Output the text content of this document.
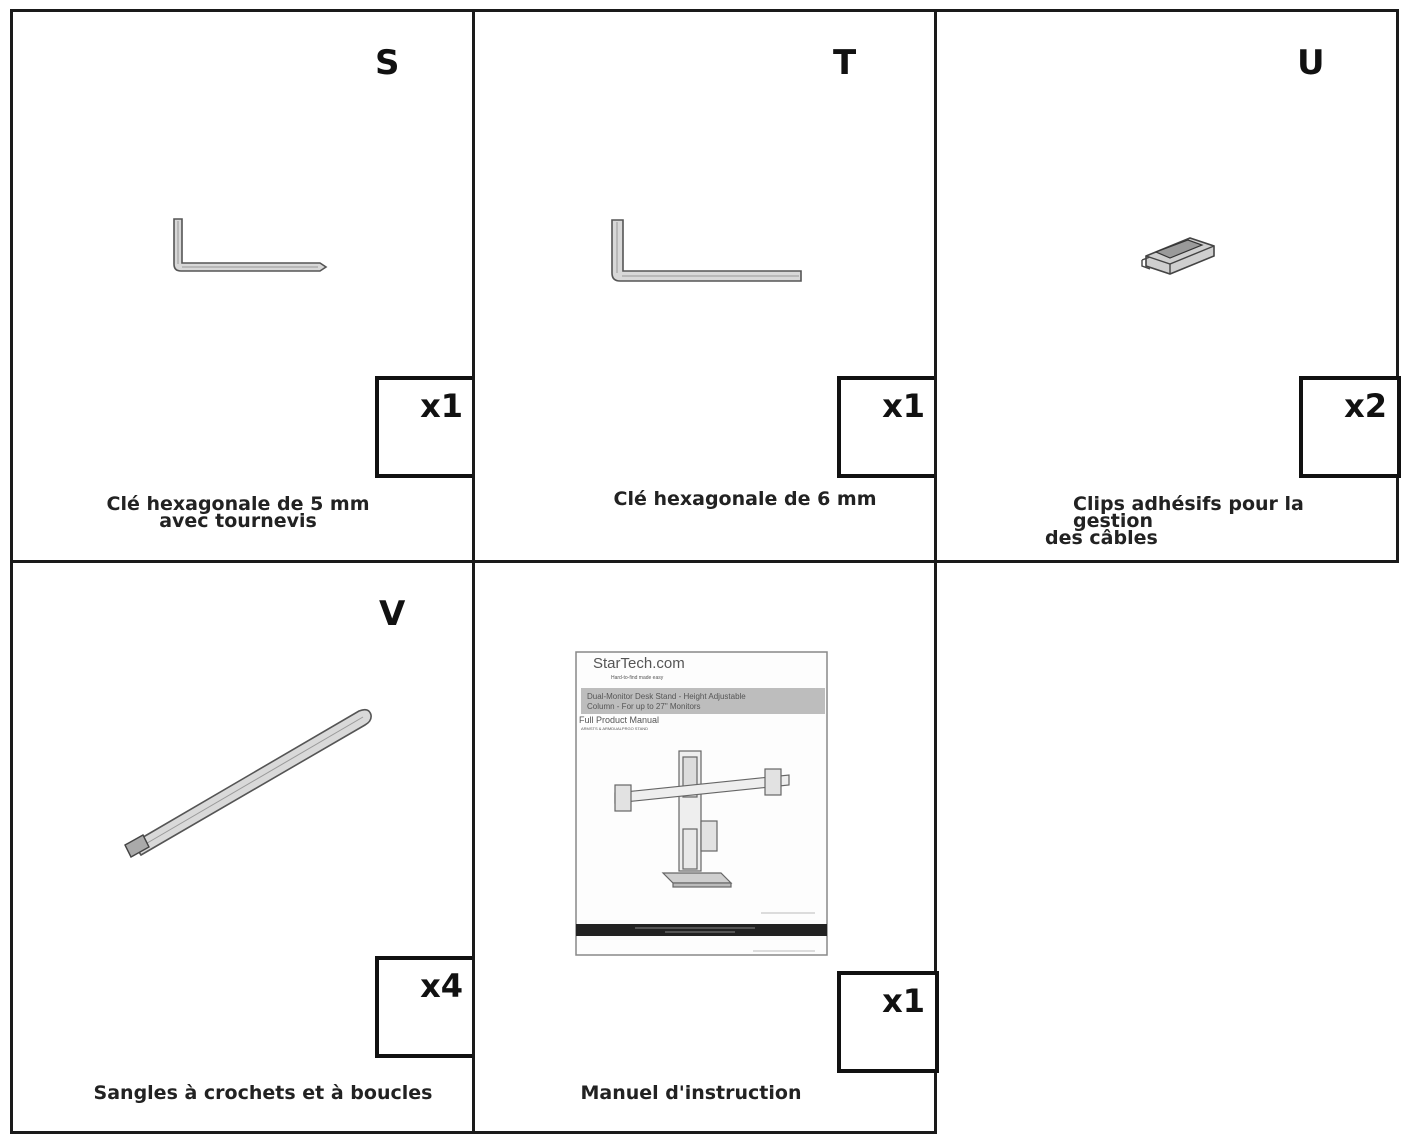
S
x1
Clé hexagonale de 5 mm
avec tournevis
T
x1
Clé hexagonale de 6 mm
U
x2
Clips adhésifs pour la gestion
des câbles
V
x4
Sangles à crochets et à boucles
StarTech.com
Hard-to-find made easy
Dual-Monitor Desk Stand - Height Adjustable
Column - For up to 27" Monitors
Full Product Manual
ARMSTS & ARMDUALPRGO STAND
x1
Manuel d'instruction
